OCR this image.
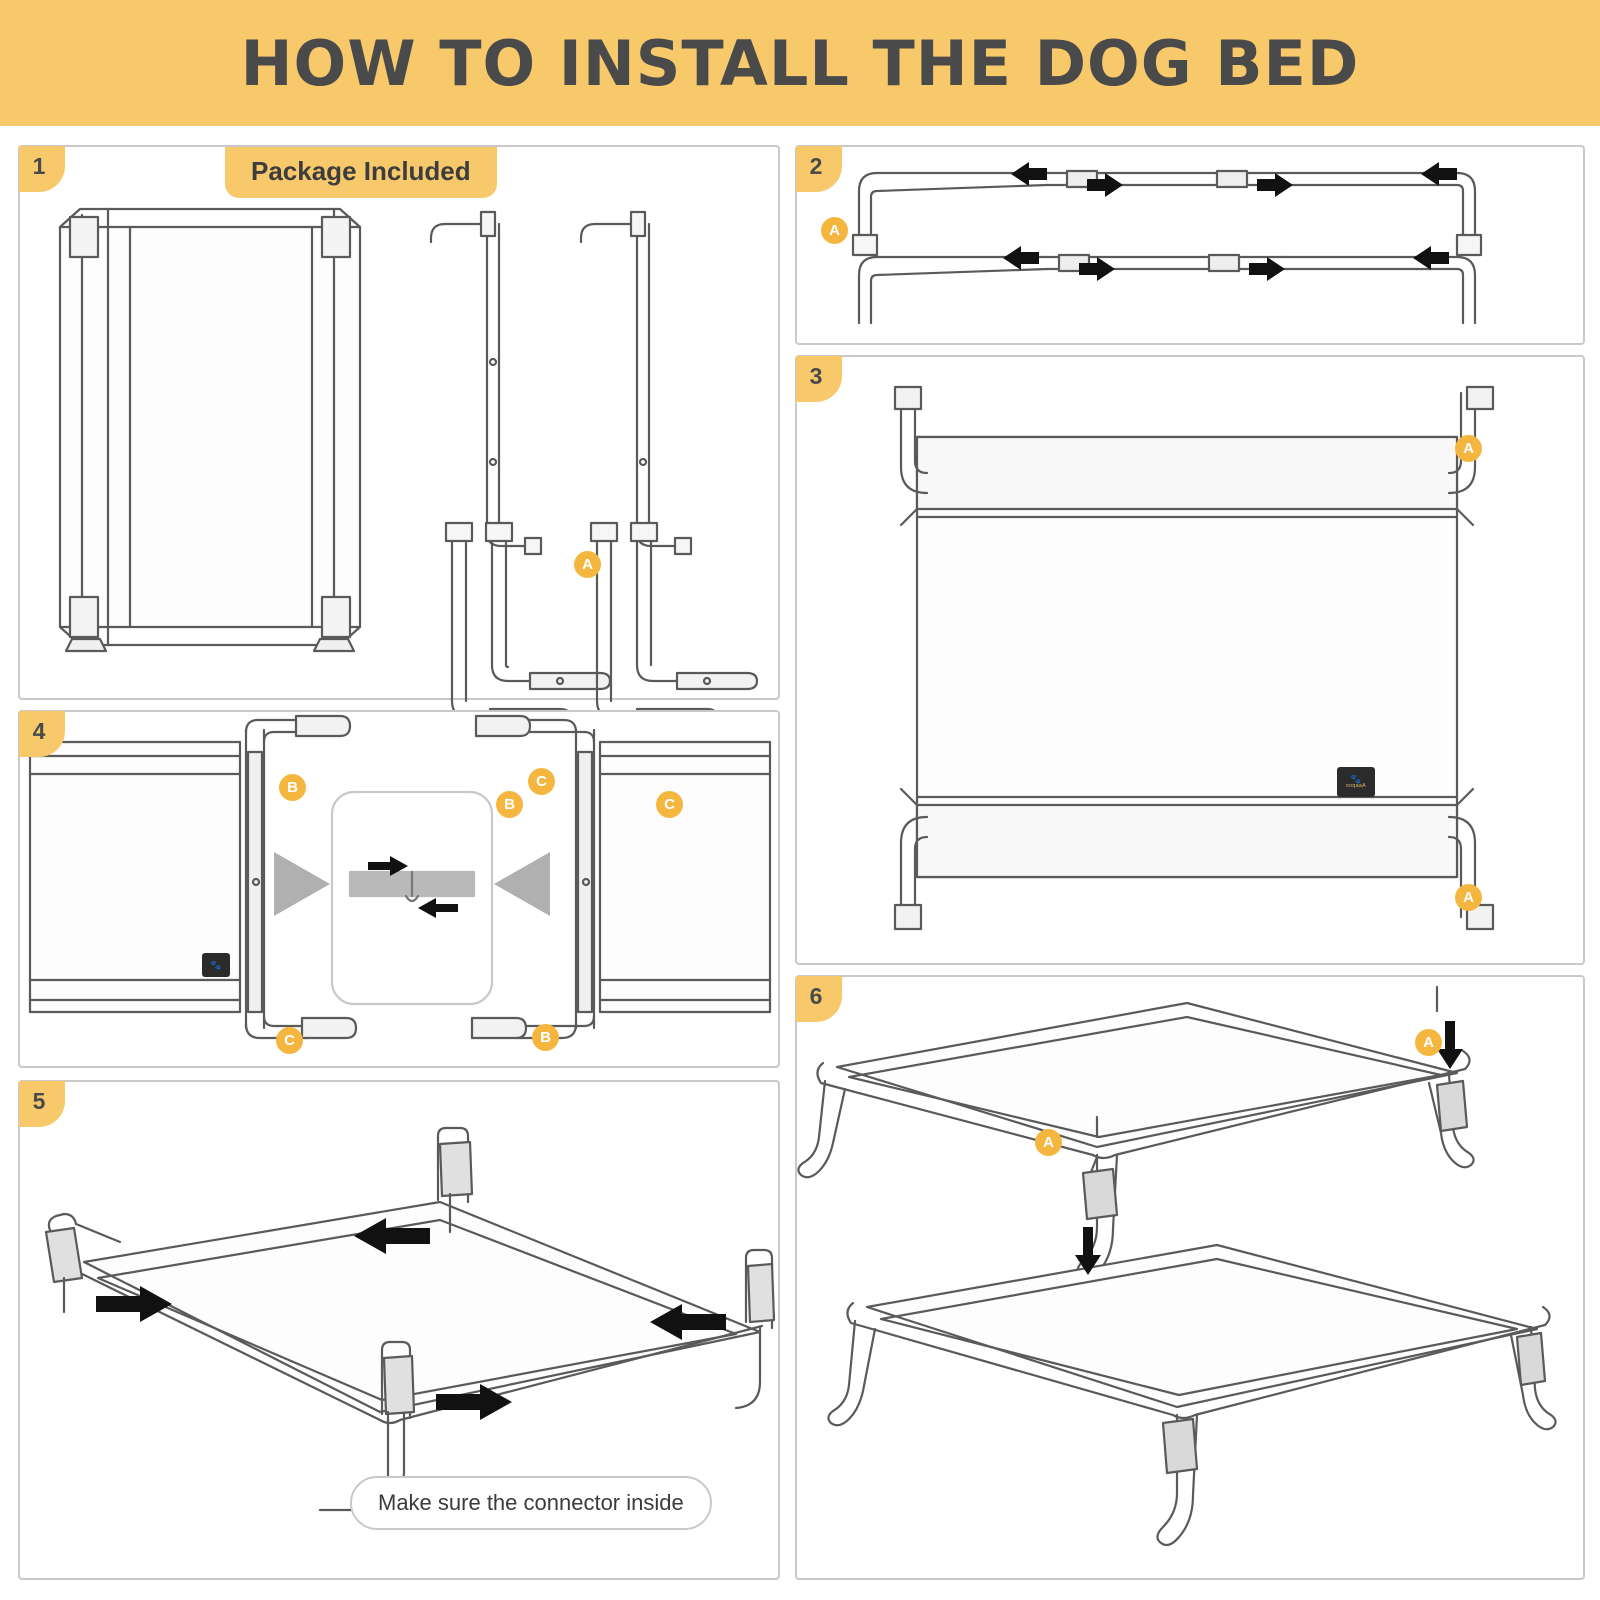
HOW TO INSTALL THE DOG BED
1	Package Included
A
B	C
2
A
3
🐾
ooqaaA
A
A
4
🐾
B	C
C	B
5
Make sure the connector inside
6
A
A
